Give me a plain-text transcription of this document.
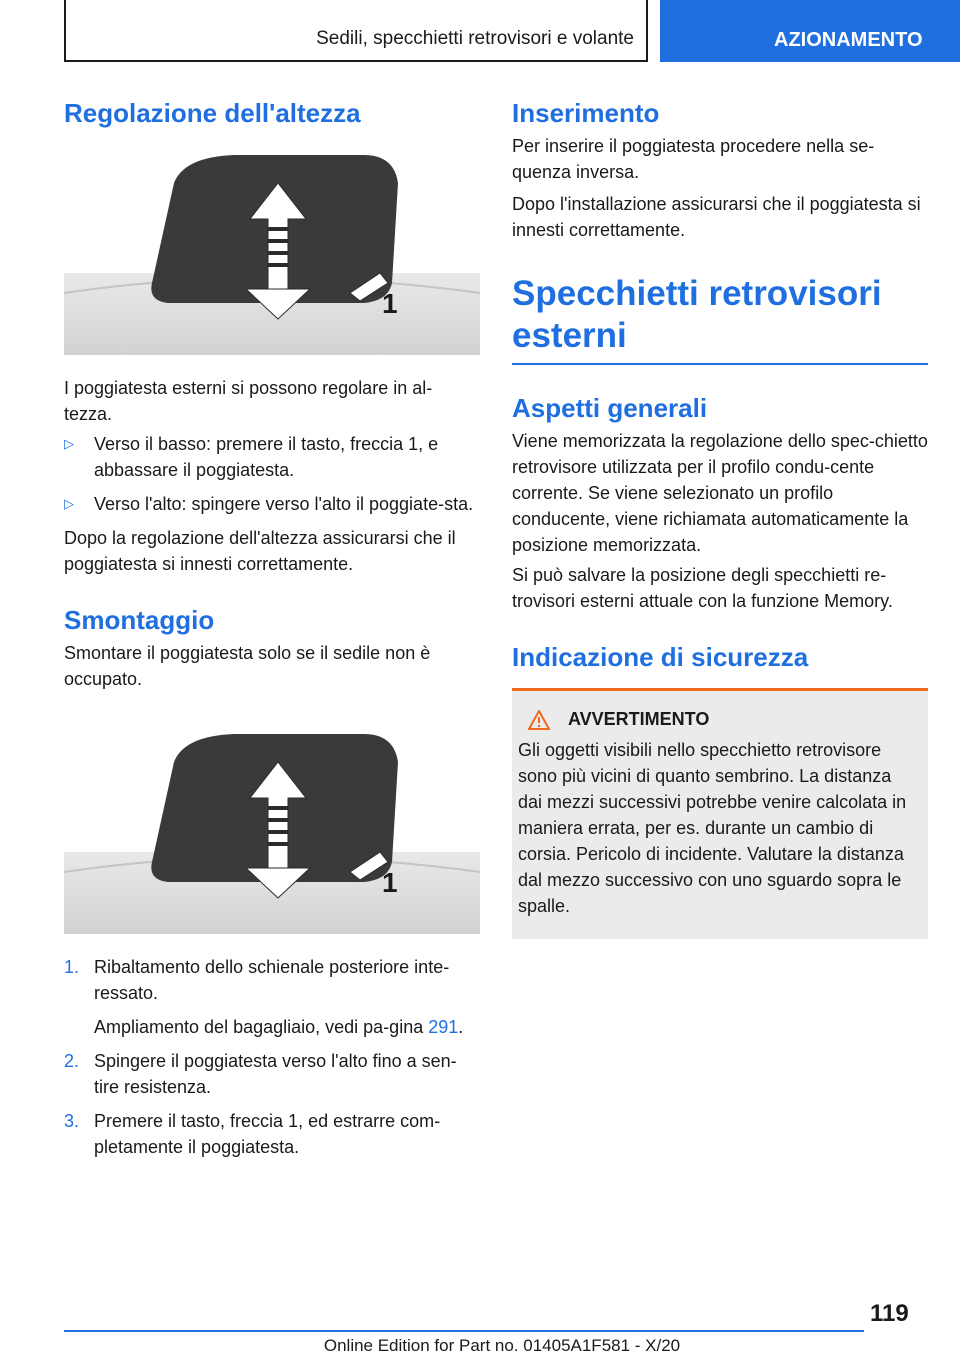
Sedili, specchietti retrovisori e volante	AZIONAMENTO
Regolazione dell'altezza
1

I poggiatesta esterni si possono regolare in al-tezza.

▷ Verso il basso: premere il tasto, freccia 1, e abbassare il poggiatesta.
▷ Verso l'alto: spingere verso l'alto il poggiate-sta.

Dopo la regolazione dell'altezza assicurarsi che il poggiatesta si innesti correttamente.

Smontaggio

Smontare il poggiatesta solo se il sedile non è occupato.

1
1. Ribaltamento dello schienale posteriore inte-ressato.
Ampliamento del bagagliaio, vedi pa-gina 291.
2. Spingere il poggiatesta verso l'alto fino a sen-tire resistenza.
3. Premere il tasto, freccia 1, ed estrarre com-pletamente il poggiatesta.
Inserimento

Per inserire il poggiatesta procedere nella se-quenza inversa.

Dopo l'installazione assicurarsi che il poggiatesta si innesti correttamente.

Specchietti retrovisori esterni
Aspetti generali

Viene memorizzata la regolazione dello spec-chietto retrovisore utilizzata per il profilo condu-cente corrente. Se viene selezionato un profilo conducente, viene richiamata automaticamente la posizione memorizzata.

Si può salvare la posizione degli specchietti re-trovisori esterni attuale con la funzione Memory.

Indicazione di sicurezza
AVVERTIMENTO

Gli oggetti visibili nello specchietto retrovisore sono più vicini di quanto sembrino. La distanza dai mezzi successivi potrebbe venire calcolata in maniera errata, per es. durante un cambio di corsia. Pericolo di incidente. Valutare la distanza dal mezzo successivo con uno sguardo sopra le spalle.

119
Online Edition for Part no. 01405A1F581 - X/20
